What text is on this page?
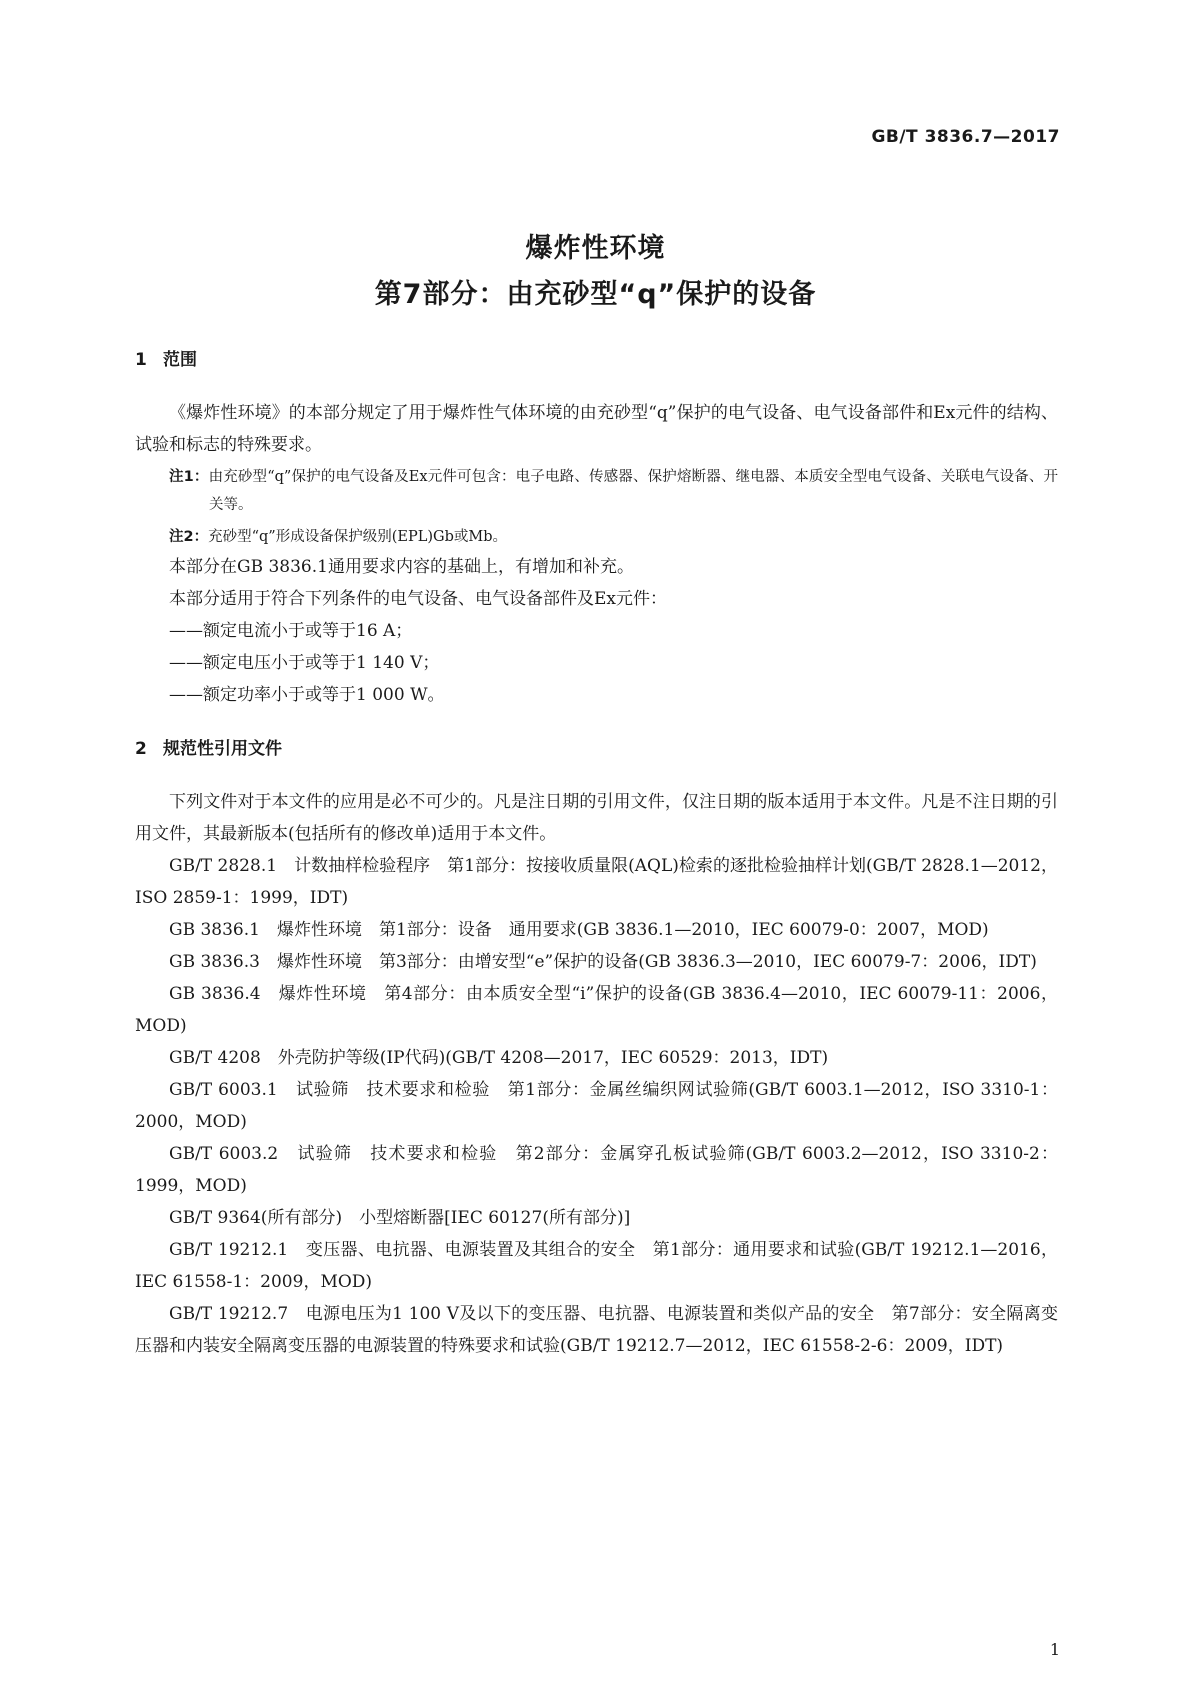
GB/T 3836.7—2017
爆炸性环境
第7部分：由充砂型“q”保护的设备
1 范围

《爆炸性环境》的本部分规定了用于爆炸性气体环境的由充砂型“q”保护的电气设备、电气设备部件和Ex元件的结构、试验和标志的特殊要求。

注1：由充砂型“q”保护的电气设备及Ex元件可包含：电子电路、传感器、保护熔断器、继电器、本质安全型电气设备、关联电气设备、开关等。

注2：充砂型“q”形成设备保护级别(EPL)Gb或Mb。

本部分在GB 3836.1通用要求内容的基础上，有增加和补充。

本部分适用于符合下列条件的电气设备、电气设备部件及Ex元件：

——额定电流小于或等于16 A；

——额定电压小于或等于1 140 V；

——额定功率小于或等于1 000 W。

2 规范性引用文件

下列文件对于本文件的应用是必不可少的。凡是注日期的引用文件，仅注日期的版本适用于本文件。凡是不注日期的引用文件，其最新版本(包括所有的修改单)适用于本文件。

GB/T 2828.1　计数抽样检验程序　第1部分：按接收质量限(AQL)检索的逐批检验抽样计划(GB/T 2828.1—2012，ISO 2859-1：1999，IDT)

GB 3836.1　爆炸性环境　第1部分：设备　通用要求(GB 3836.1—2010，IEC 60079-0：2007，MOD)

GB 3836.3　爆炸性环境　第3部分：由增安型“e”保护的设备(GB 3836.3—2010，IEC 60079-7：2006，IDT)

GB 3836.4　爆炸性环境　第4部分：由本质安全型“i”保护的设备(GB 3836.4—2010，IEC 60079-11：2006，MOD)

GB/T 4208　外壳防护等级(IP代码)(GB/T 4208—2017，IEC 60529：2013，IDT)

GB/T 6003.1　试验筛　技术要求和检验　第1部分：金属丝编织网试验筛(GB/T 6003.1—2012，ISO 3310-1：2000，MOD)

GB/T 6003.2　试验筛　技术要求和检验　第2部分：金属穿孔板试验筛(GB/T 6003.2—2012，ISO 3310-2：1999，MOD)

GB/T 9364(所有部分)　小型熔断器[IEC 60127(所有部分)]

GB/T 19212.1　变压器、电抗器、电源装置及其组合的安全　第1部分：通用要求和试验(GB/T 19212.1—2016，IEC 61558-1：2009，MOD)

GB/T 19212.7　电源电压为1 100 V及以下的变压器、电抗器、电源装置和类似产品的安全　第7部分：安全隔离变压器和内装安全隔离变压器的电源装置的特殊要求和试验(GB/T 19212.7—2012，IEC 61558-2-6：2009，IDT)

1
